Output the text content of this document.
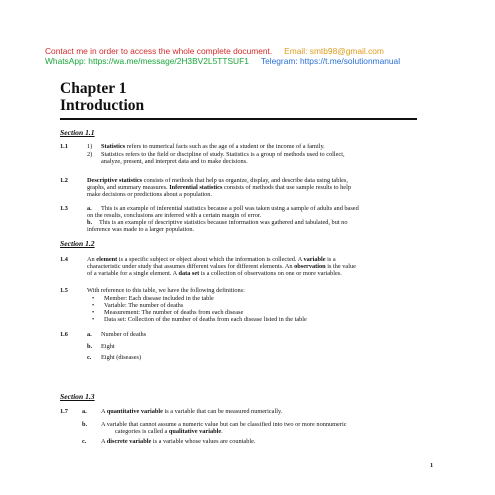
Contact me in order to access the whole complete document. Email: smtb98@gmail.com
WhatsApp: https://wa.me/message/2H3BV2L5TTSUF1 Telegram: https://t.me/solutionmanual
Chapter 1
Introduction
Section 1.1
1.1	1) Statistics refers to numerical facts such as the age of a student or the income of a family.
2) Statistics refers to the field or discipline of study. Statistics is a group of methods used to collect,
analyze, present, and interpret data and to make decisions.
1.2	Descriptive statistics consists of methods that help us organize, display, and describe data using tables,
graphs, and summary measures. Inferential statistics consists of methods that use sample results to help
make decisions or predictions about a population.
1.3	a. This is an example of inferential statistics because a poll was taken using a sample of adults and based
on the results, conclusions are inferred with a certain margin of error.
b. This is an example of descriptive statistics because information was gathered and tabulated, but no
inference was made to a larger population.
Section 1.2
1.4	An element is a specific subject or object about which the information is collected. A variable is a
characteristic under study that assumes different values for different elements. An observation is the value
of a variable for a single element. A data set is a collection of observations on one or more variables.
1.5	With reference to this table, we have the following definitions:
• Member: Each disease included in the table
• Variable: The number of deaths
• Measurement: The number of deaths from each disease
• Data set: Collection of the number of deaths from each disease listed in the table
1.6	a. Number of deaths
b. Eight
c. Eight (diseases)
Section 1.3
1.7 a. A quantitative variable is a variable that can be measured numerically.
b. A variable that cannot assume a numeric value but can be classified into two or more nonnumeric
categories is called a qualitative variable.
c. A discrete variable is a variable whose values are countable.
1
